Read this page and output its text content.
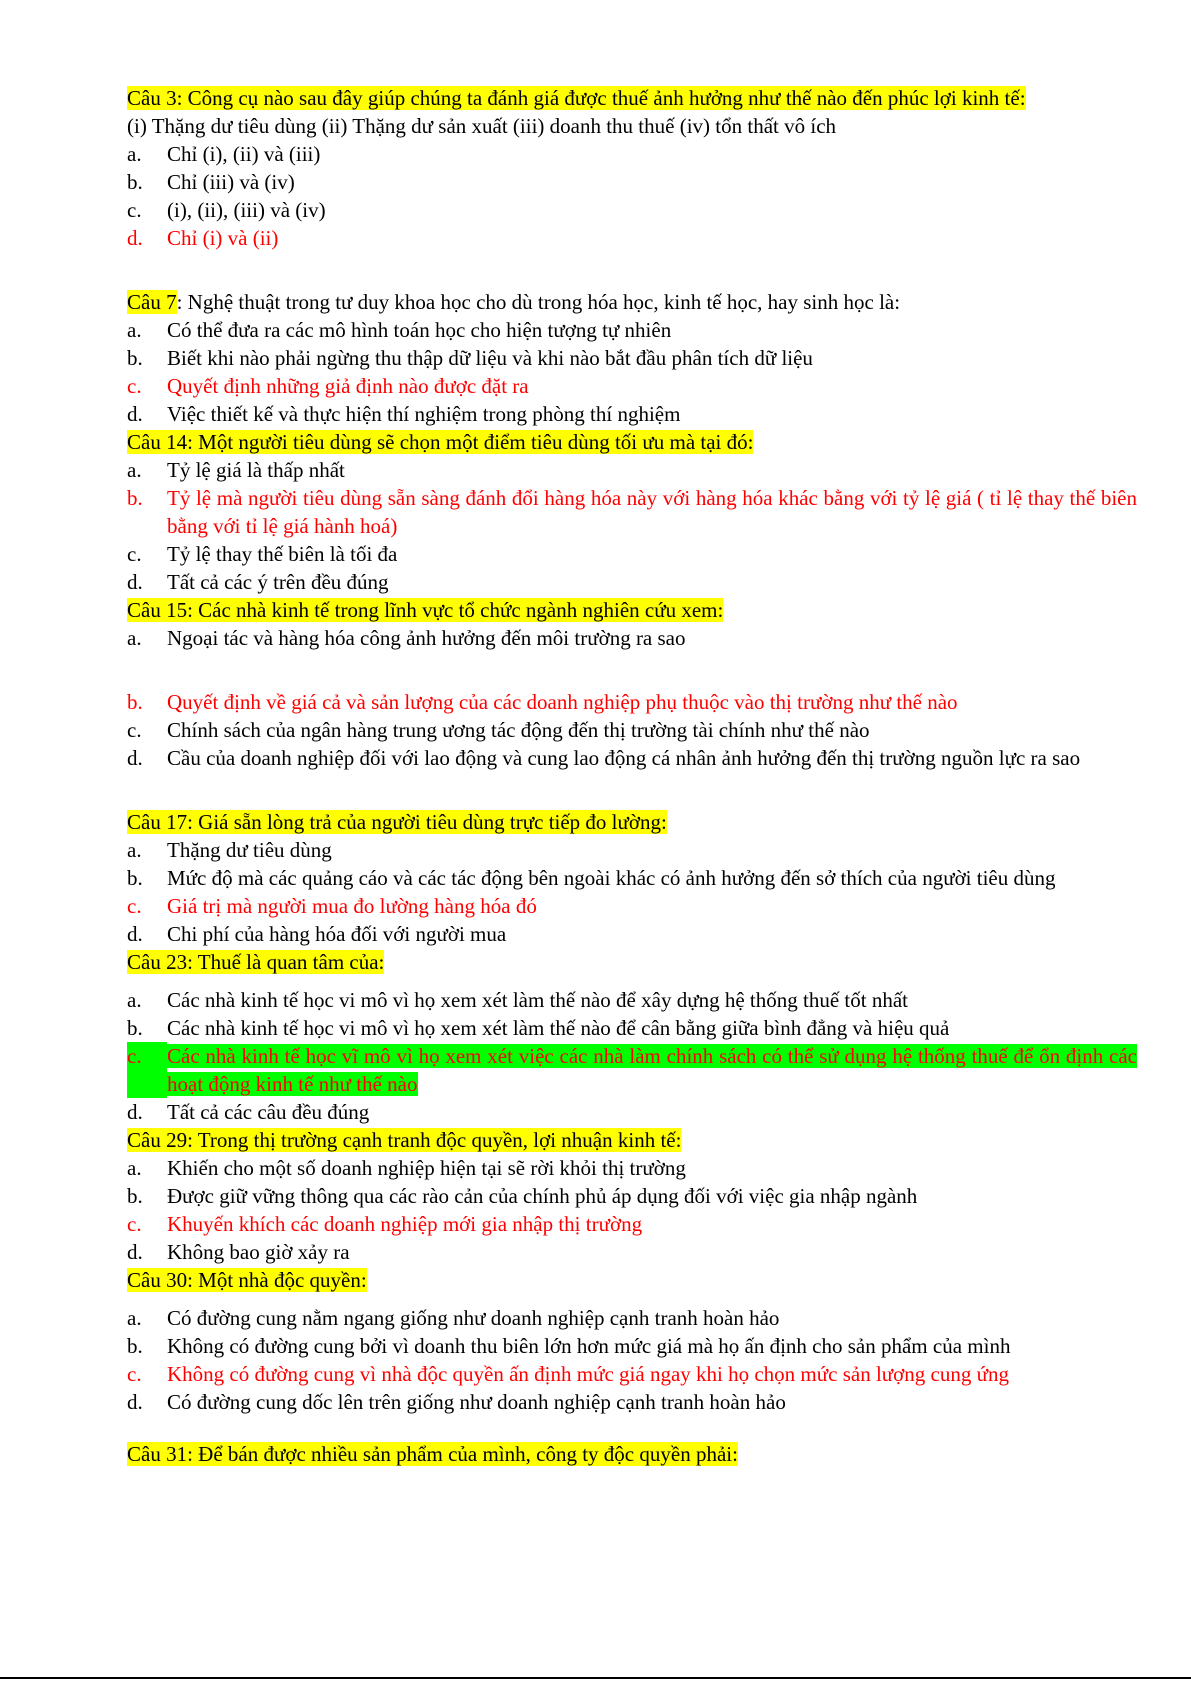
Câu 3: Công cụ nào sau đây giúp chúng ta đánh giá được thuế ảnh hưởng như thế nào đến phúc lợi kinh tế:

(i) Thặng dư tiêu dùng (ii) Thặng dư sản xuất (iii) doanh thu thuế (iv) tổn thất vô ích

a.	Chỉ (i), (ii) và (iii)
b.	Chỉ (iii) và (iv)
c.	(i), (ii), (iii) và (iv)
d.	Chỉ (i) và (ii)

Câu 7: Nghệ thuật trong tư duy khoa học cho dù trong hóa học, kinh tế học, hay sinh học là:

a.	Có thể đưa ra các mô hình toán học cho hiện tượng tự nhiên
b.	Biết khi nào phải ngừng thu thập dữ liệu và khi nào bắt đầu phân tích dữ liệu
c.	Quyết định những giả định nào được đặt ra
d.	Việc thiết kế và thực hiện thí nghiệm trong phòng thí nghiệm

Câu 14: Một người tiêu dùng sẽ chọn một điểm tiêu dùng tối ưu mà tại đó:

a.	Tỷ lệ giá là thấp nhất
b.	Tỷ lệ mà người tiêu dùng sẵn sàng đánh đổi hàng hóa này với hàng hóa khác bằng với tỷ lệ giá ( tỉ lệ thay thế biên bằng với tỉ lệ giá hành hoá)
c.	Tỷ lệ thay thế biên là tối đa
d.	Tất cả các ý trên đều đúng

Câu 15: Các nhà kinh tế trong lĩnh vực tổ chức ngành nghiên cứu xem:

a.	Ngoại tác và hàng hóa công ảnh hưởng đến môi trường ra sao
b.	Quyết định về giá cả và sản lượng của các doanh nghiệp phụ thuộc vào thị trường như thế nào
c.	Chính sách của ngân hàng trung ương tác động đến thị trường tài chính như thế nào
d.	Cầu của doanh nghiệp đối với lao động và cung lao động cá nhân ảnh hưởng đến thị trường nguồn lực ra sao

Câu 17: Giá sẵn lòng trả của người tiêu dùng trực tiếp đo lường:

a.	Thặng dư tiêu dùng
b.	Mức độ mà các quảng cáo và các tác động bên ngoài khác có ảnh hưởng đến sở thích của người tiêu dùng
c.	Giá trị mà người mua đo lường hàng hóa đó
d.	Chi phí của hàng hóa đối với người mua

Câu 23: Thuế là quan tâm của:

a.	Các nhà kinh tế học vi mô vì họ xem xét làm thế nào để xây dựng hệ thống thuế tốt nhất
b.	Các nhà kinh tế học vi mô vì họ xem xét làm thế nào để cân bằng giữa bình đẳng và hiệu quả
c.	Các nhà kinh tế học vĩ mô vì họ xem xét việc các nhà làm chính sách có thể sử dụng hệ thống thuế để ổn định các hoạt động kinh tế như thế nào
d.	Tất cả các câu đều đúng

Câu 29: Trong thị trường cạnh tranh độc quyền, lợi nhuận kinh tế:

a.	Khiến cho một số doanh nghiệp hiện tại sẽ rời khỏi thị trường
b.	Được giữ vững thông qua các rào cản của chính phủ áp dụng đối với việc gia nhập ngành
c.	Khuyến khích các doanh nghiệp mới gia nhập thị trường
d.	Không bao giờ xảy ra

Câu 30: Một nhà độc quyền:

a.	Có đường cung nằm ngang giống như doanh nghiệp cạnh tranh hoàn hảo
b.	Không có đường cung bởi vì doanh thu biên lớn hơn mức giá mà họ ấn định cho sản phẩm của mình
c.	Không có đường cung vì nhà độc quyền ấn định mức giá ngay khi họ chọn mức sản lượng cung ứng
d.	Có đường cung dốc lên trên giống như doanh nghiệp cạnh tranh hoàn hảo

Câu 31: Để bán được nhiều sản phẩm của mình, công ty độc quyền phải:
